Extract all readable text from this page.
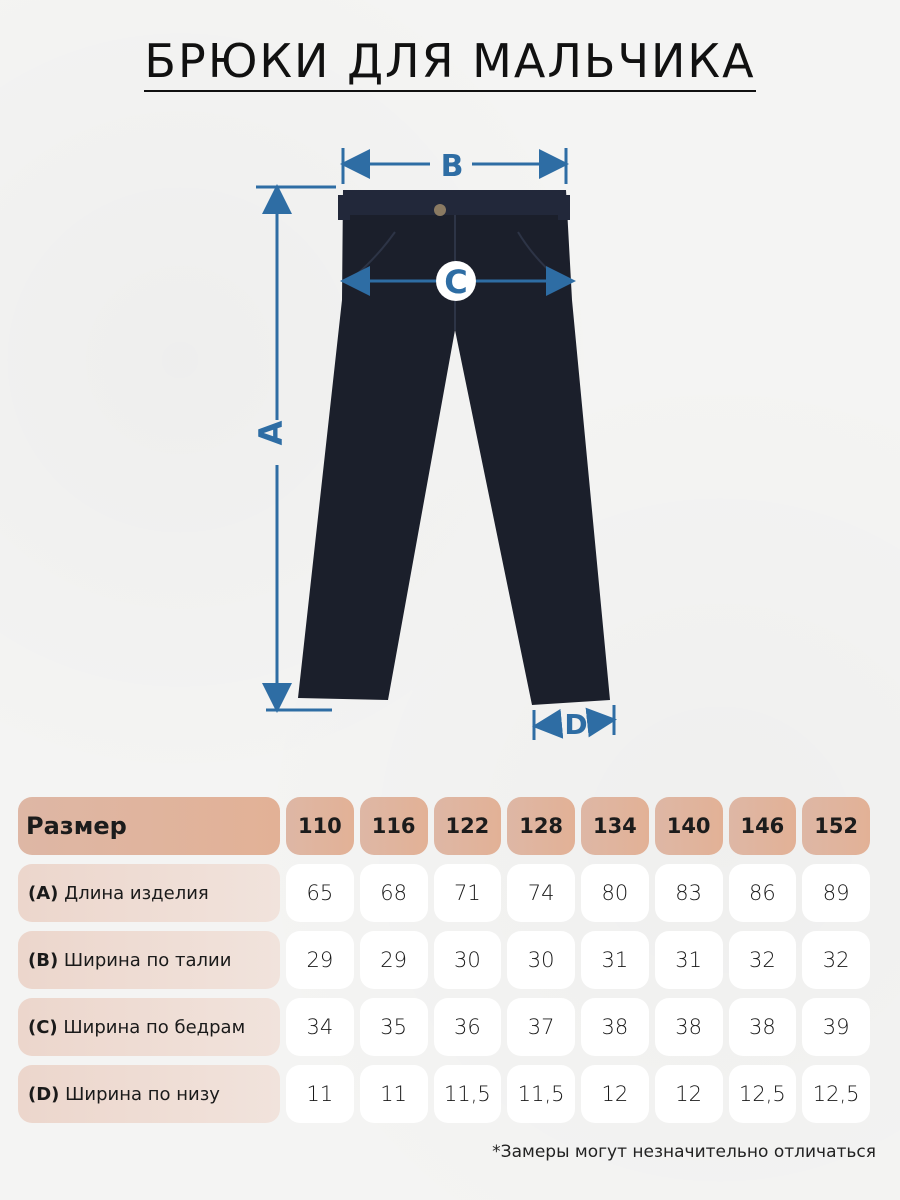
БРЮКИ ДЛЯ МАЛЬЧИКА
B
C
A
D
Размер	110	116	122	128	134	140	146	152
(A) Длина изделия	65	68	71	74	80	83	86	89
(B) Ширина по талии	29	29	30	30	31	31	32	32
(C) Ширина по бедрам	34	35	36	37	38	38	38	39
(D) Ширина по низу	11	11	11,5	11,5	12	12	12,5	12,5
*Замеры могут незначительно отличаться
